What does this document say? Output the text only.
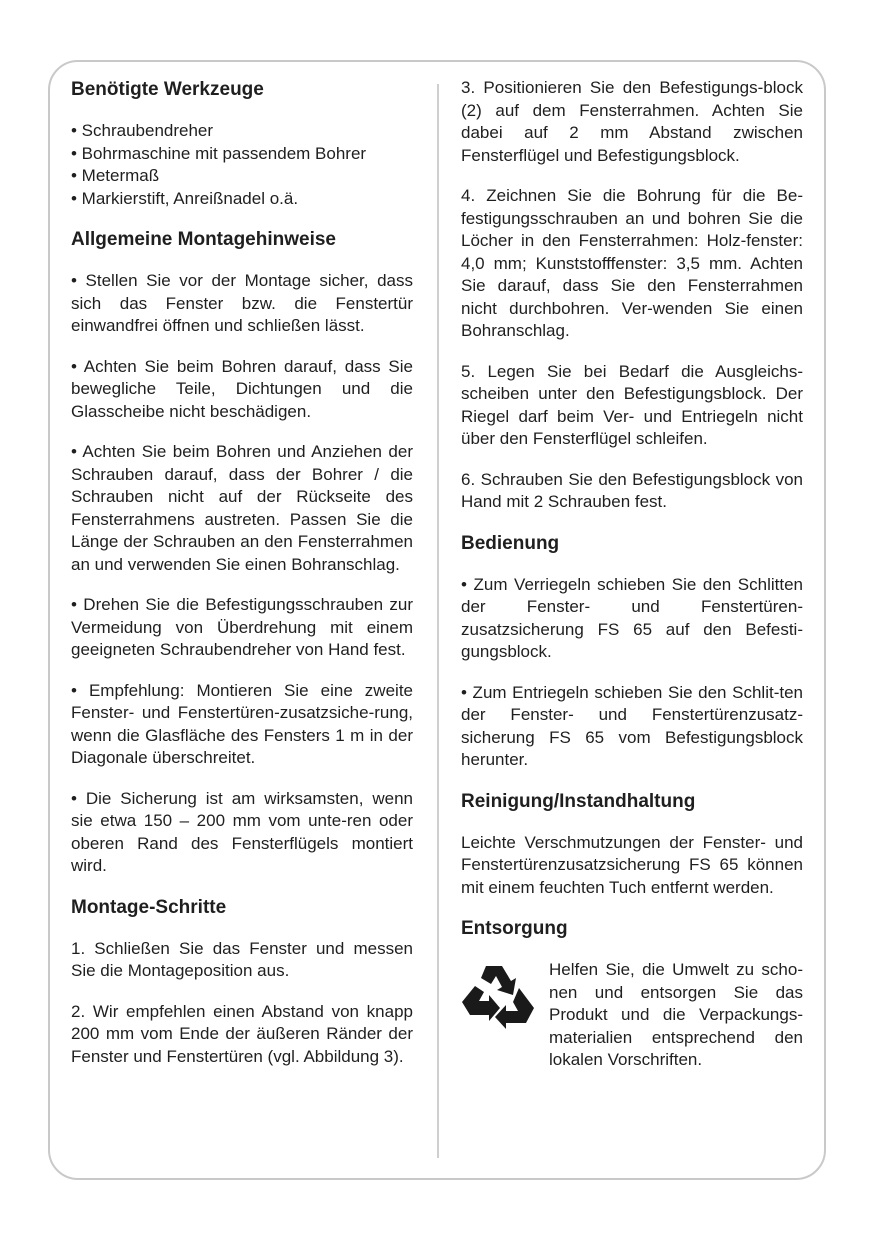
Benötigte Werkzeuge
• Schraubendreher
• Bohrmaschine mit passendem Bohrer
• Metermaß
• Markierstift, Anreißnadel o.ä.
Allgemeine Montagehinweise

• Stellen Sie vor der Montage sicher, dass sich das Fenster bzw. die Fenstertür einwandfrei öffnen und schließen lässt.

• Achten Sie beim Bohren darauf, dass Sie bewegliche Teile, Dichtungen und die Glasscheibe nicht beschädigen.

• Achten Sie beim Bohren und Anziehen der Schrauben darauf, dass der Bohrer / die Schrauben nicht auf der Rückseite des Fensterrahmens austreten. Passen Sie die Länge der Schrauben an den Fensterrahmen an und verwenden Sie einen Bohranschlag.

• Drehen Sie die Befestigungsschrauben zur Vermeidung von Überdrehung mit einem geeigneten Schraubendreher von Hand fest.

• Empfehlung: Montieren Sie eine zweite Fenster- und Fenstertüren-zusatzsiche-rung, wenn die Glasfläche des Fensters 1 m in der Diagonale überschreitet.

• Die Sicherung ist am wirksamsten, wenn sie etwa 150 – 200 mm vom unte-ren oder oberen Rand des Fensterflügels montiert wird.

Montage-Schritte

1. Schließen Sie das Fenster und messen Sie die Montageposition aus.

2. Wir empfehlen einen Abstand von knapp 200 mm vom Ende der äußeren Ränder der Fenster und Fenstertüren (vgl. Abbildung 3).

3. Positionieren Sie den Befestigungs-block (2) auf dem Fensterrahmen. Achten Sie dabei auf 2 mm Abstand zwischen Fensterflügel und Befestigungsblock.

4. Zeichnen Sie die Bohrung für die Be-festigungsschrauben an und bohren Sie die Löcher in den Fensterrahmen: Holz-fenster: 4,0 mm; Kunststofffenster: 3,5 mm. Achten Sie darauf, dass Sie den Fensterrahmen nicht durchbohren. Ver-wenden Sie einen Bohranschlag.

5. Legen Sie bei Bedarf die Ausgleichs-scheiben unter den Befestigungsblock. Der Riegel darf beim Ver- und Entriegeln nicht über den Fensterflügel schleifen.

6. Schrauben Sie den Befestigungsblock von Hand mit 2 Schrauben fest.

Bedienung

• Zum Verriegeln schieben Sie den Schlitten der Fenster- und Fenstertüren-zusatzsicherung FS 65 auf den Befesti-gungsblock.

• Zum Entriegeln schieben Sie den Schlit-ten der Fenster- und Fenstertürenzusatz-sicherung FS 65 vom Befestigungsblock herunter.

Reinigung/Instandhaltung

Leichte Verschmutzungen der Fenster- und Fenstertürenzusatzsicherung FS 65 können mit einem feuchten Tuch entfernt werden.

Entsorgung

Helfen Sie, die Umwelt zu scho-nen und entsorgen Sie das Produkt und die Verpackungs-materialien entsprechend den lokalen Vorschriften.
